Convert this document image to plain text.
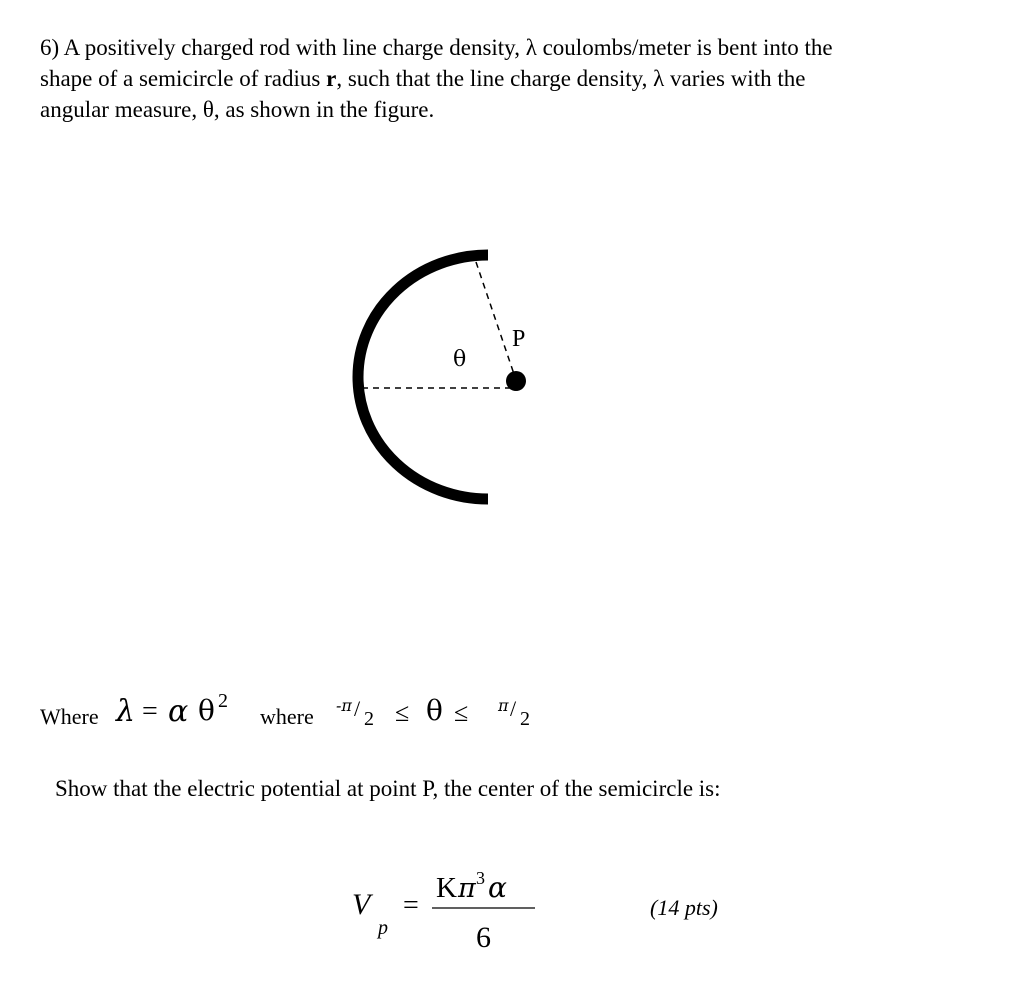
6) A positively charged rod with line charge density, λ coulombs/meter is bent into the
shape of a semicircle of radius r, such that the line charge density, λ varies with the
angular measure, θ, as shown in the figure.
θ
P
Where λ = α θ 2
where -π / 2 ≤ θ ≤ π / 2
Show that the electric potential at point P, the center of the semicircle is:
V
p
=
K π 3 α
6
(14 pts)
